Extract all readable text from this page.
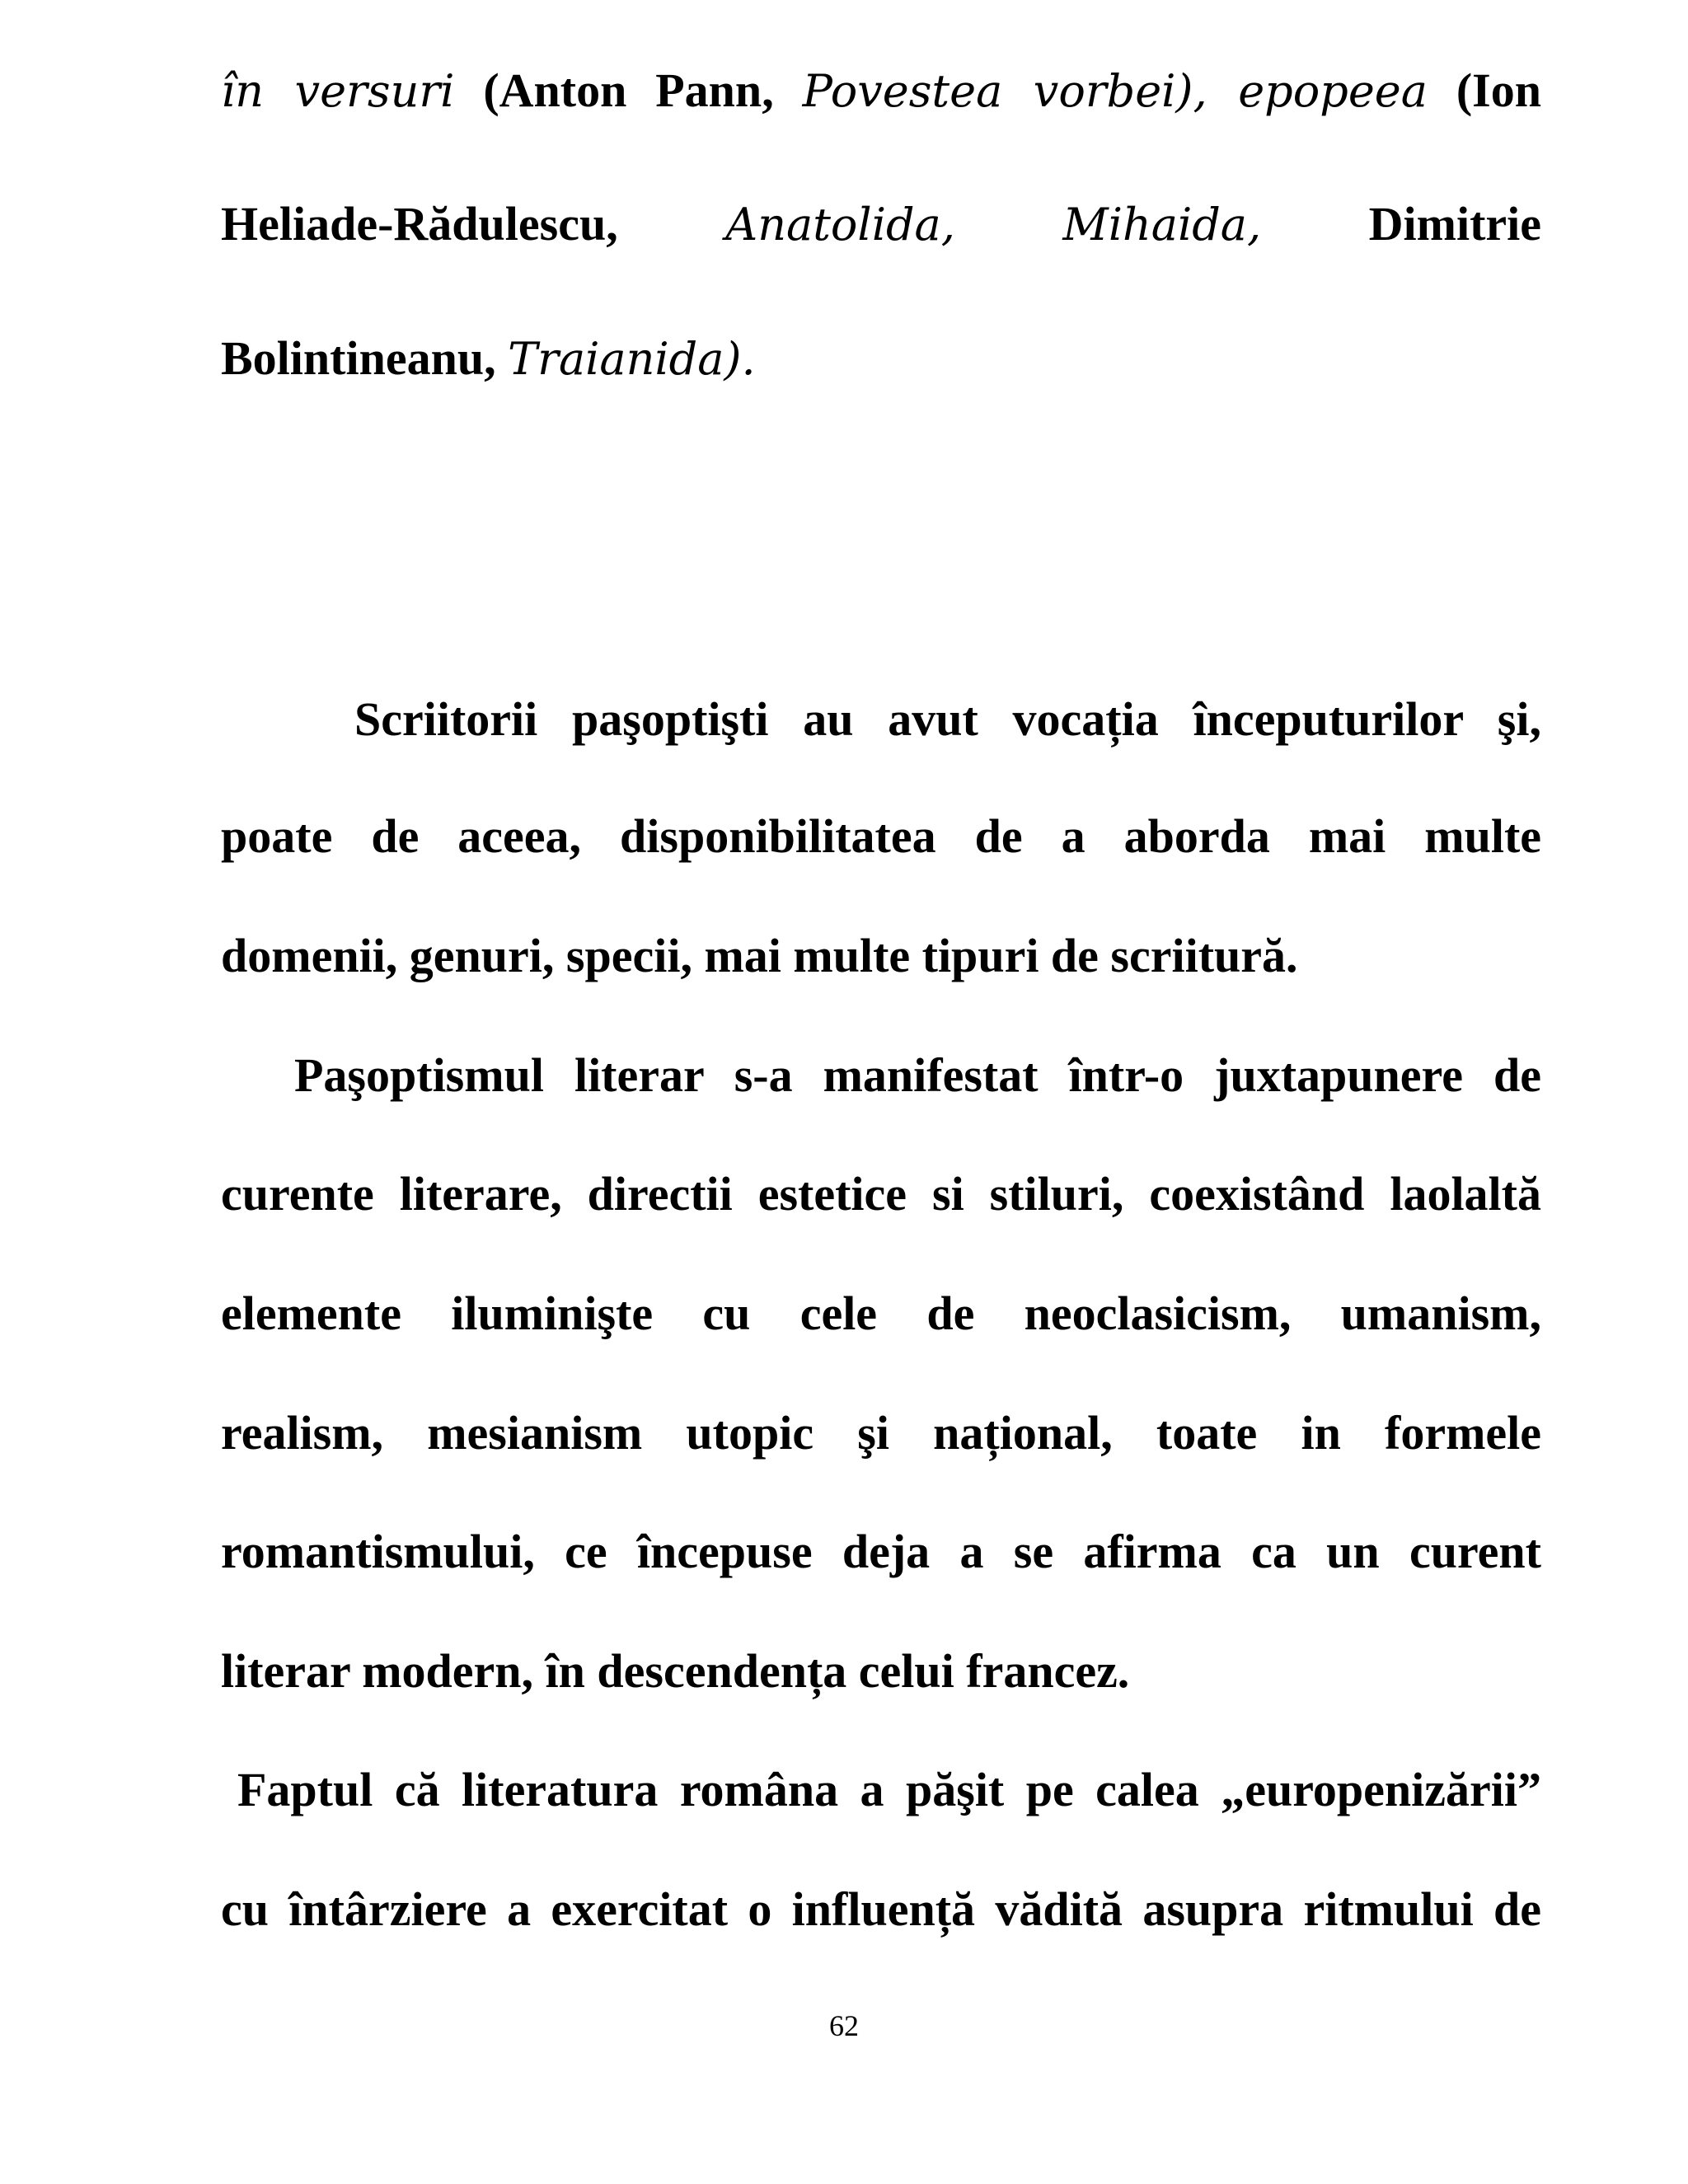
în versuri (Anton Pann, Povestea vorbei), epopeea (Ion
Heliade-Rădulescu, Anatolida, Mihaida, Dimitrie
Bolintineanu, Traianida).
Scriitorii paşoptişti au avut vocația începuturilor şi,
poate de aceea, disponibilitatea de a aborda mai multe
domenii, genuri, specii, mai multe tipuri de scriitură.
Paşoptismul literar s-a manifestat într-o juxtapunere de
curente literare, directii estetice si stiluri, coexistând laolaltă
elemente iluminişte cu cele de neoclasicism, umanism,
realism, mesianism utopic şi național, toate in formele
romantismului, ce începuse deja a se afirma ca un curent
literar modern, în descendența celui francez.
Faptul că literatura româna a păşit pe calea „europenizării”
cu întârziere a exercitat o influență vădită asupra ritmului de
62
